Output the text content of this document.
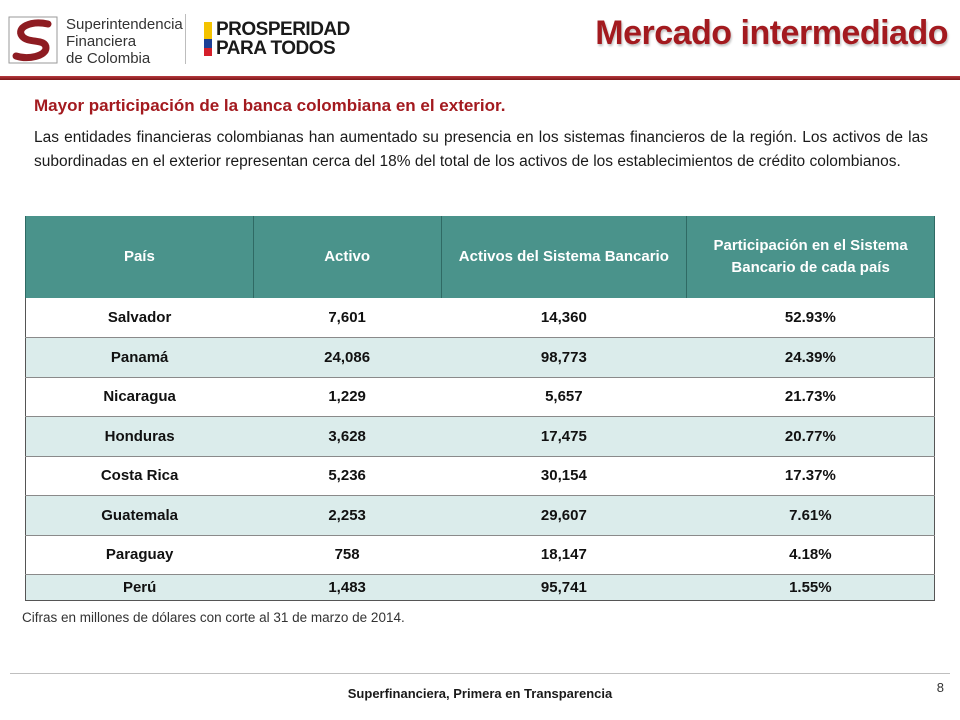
Superintendencia
Financiera
de Colombia
PROSPERIDAD
PARA TODOS	Mercado intermediado
Mayor participación de la banca colombiana en el exterior.

Las entidades financieras colombianas han aumentado su presencia en los sistemas financieros de la región. Los activos de las subordinadas en el exterior representan cerca del 18% del total de los activos de los establecimientos de crédito colombianos.

País	Activo	Activos del Sistema Bancario	Participación en el Sistema Bancario de cada país
Salvador	7,601	14,360	52.93%
Panamá	24,086	98,773	24.39%
Nicaragua	1,229	5,657	21.73%
Honduras	3,628	17,475	20.77%
Costa Rica	5,236	30,154	17.37%
Guatemala	2,253	29,607	7.61%
Paraguay	758	18,147	4.18%
Perú	1,483	95,741	1.55%
Cifras en millones de dólares con corte al 31 de marzo de 2014.
Superfinanciera, Primera en Transparencia	8
